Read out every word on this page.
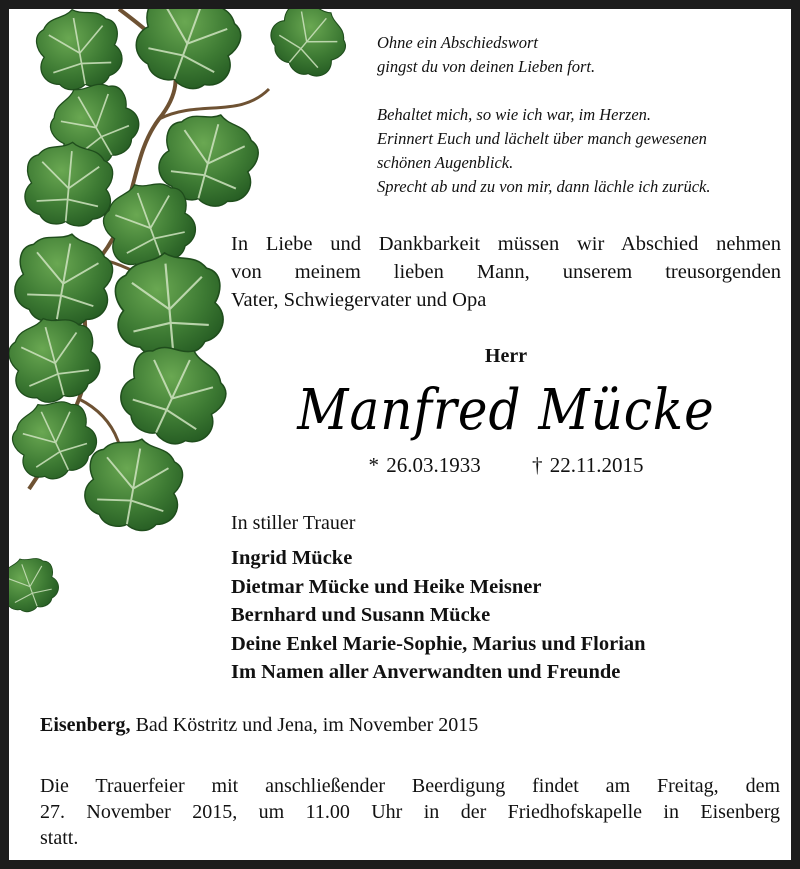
Ohne ein Abschiedswort
gingst du von deinen Lieben fort.

Behaltet mich, so wie ich war, im Herzen.
Erinnert Euch und lächelt über manch gewesenen
schönen Augenblick.
Sprecht ab und zu von mir, dann lächle ich zurück.

In Liebe und Dankbarkeit müssen wir Abschied nehmen
von meinem lieben Mann, unserem treusorgenden
Vater, Schwiegervater und Opa
Herr
Manfred Mücke
* 26.03.1933 † 22.11.2015
In stiller Trauer
Ingrid Mücke
Dietmar Mücke und Heike Meisner
Bernhard und Susann Mücke
Deine Enkel Marie-Sophie, Marius und Florian
Im Namen aller Anverwandten und Freunde
Eisenberg, Bad Köstritz und Jena, im November 2015
Die Trauerfeier mit anschließender Beerdigung findet am Freitag, dem
27. November 2015, um 11.00 Uhr in der Friedhofskapelle in Eisenberg
statt.
